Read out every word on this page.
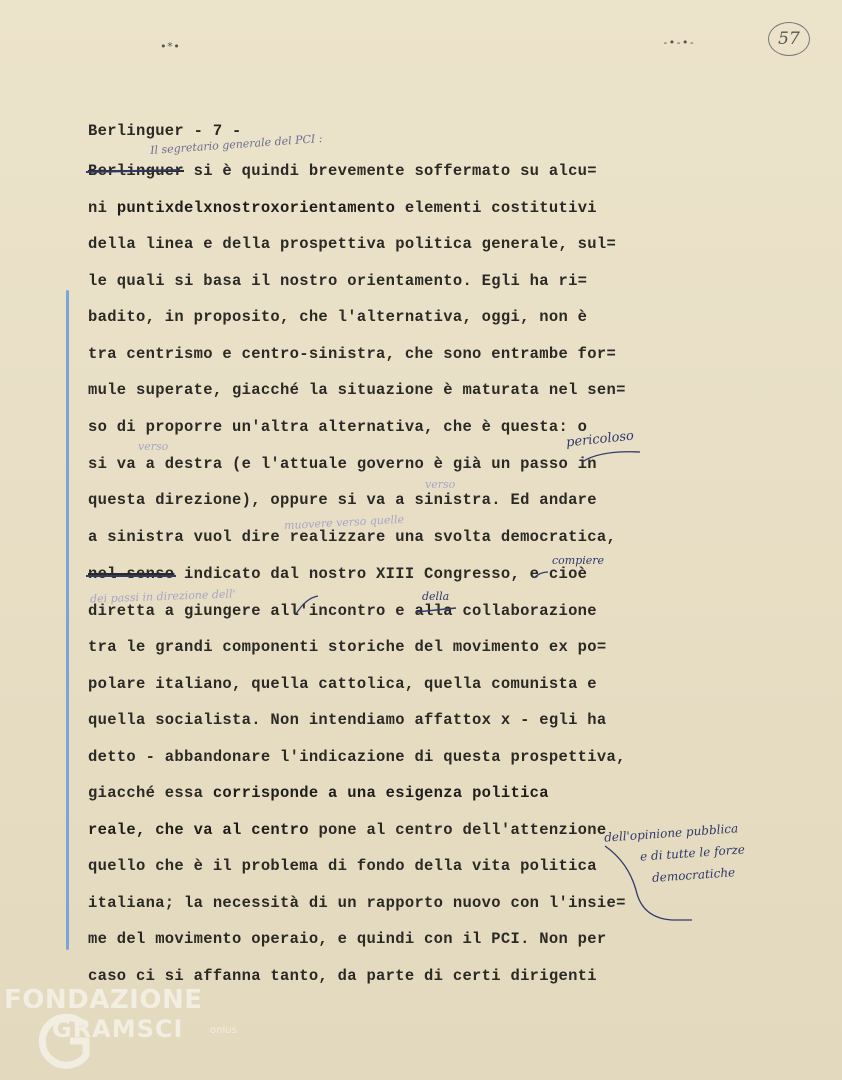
•*•	-•-•-	57
Berlinguer - 7 -
Il segretario generale del PCI :
Berlinguer si è quindi brevemente soffermato su alcu=
ni puntixdelxnostroxorientamento elementi costitutivi
della linea e della prospettiva politica generale, sul=
le quali si basa il nostro orientamento. Egli ha ri=
badito, in proposito, che l'alternativa, oggi, non è
tra centrismo e centro-sinistra, che sono entrambe for=
mule superate, giacché la situazione è maturata nel sen=
so di proporre un'altra alternativa, che è questa: o
pericoloso
verso
si va a destra (e l'attuale governo è già un passo in
verso
questa direzione), oppure si va a sinistra. Ed andare
muovere verso quelle
a sinistra vuol dire realizzare una svolta democratica,
compiere
nel senso indicato dal nostro XIII Congresso, e cioè
dei passi in direzione dell'	della
diretta a giungere all'incontro e alla collaborazione
tra le grandi componenti storiche del movimento ex po=
polare italiano, quella cattolica, quella comunista e
quella socialista. Non intendiamo affattox x - egli ha
detto - abbandonare l'indicazione di questa prospettiva,
giacché essa corrisponde a una esigenza politica
reale, che va al centro pone al centro dell'attenzione
quello che è il problema di fondo della vita politica
italiana; la necessità di un rapporto nuovo con l'insie=
me del movimento operaio, e quindi con il PCI. Non per
caso ci si affanna tanto, da parte di certi dirigenti
dell'opinione pubblica
e di tutte le forze
democratiche
FONDAZIONE
GRAMSCI	onlus
